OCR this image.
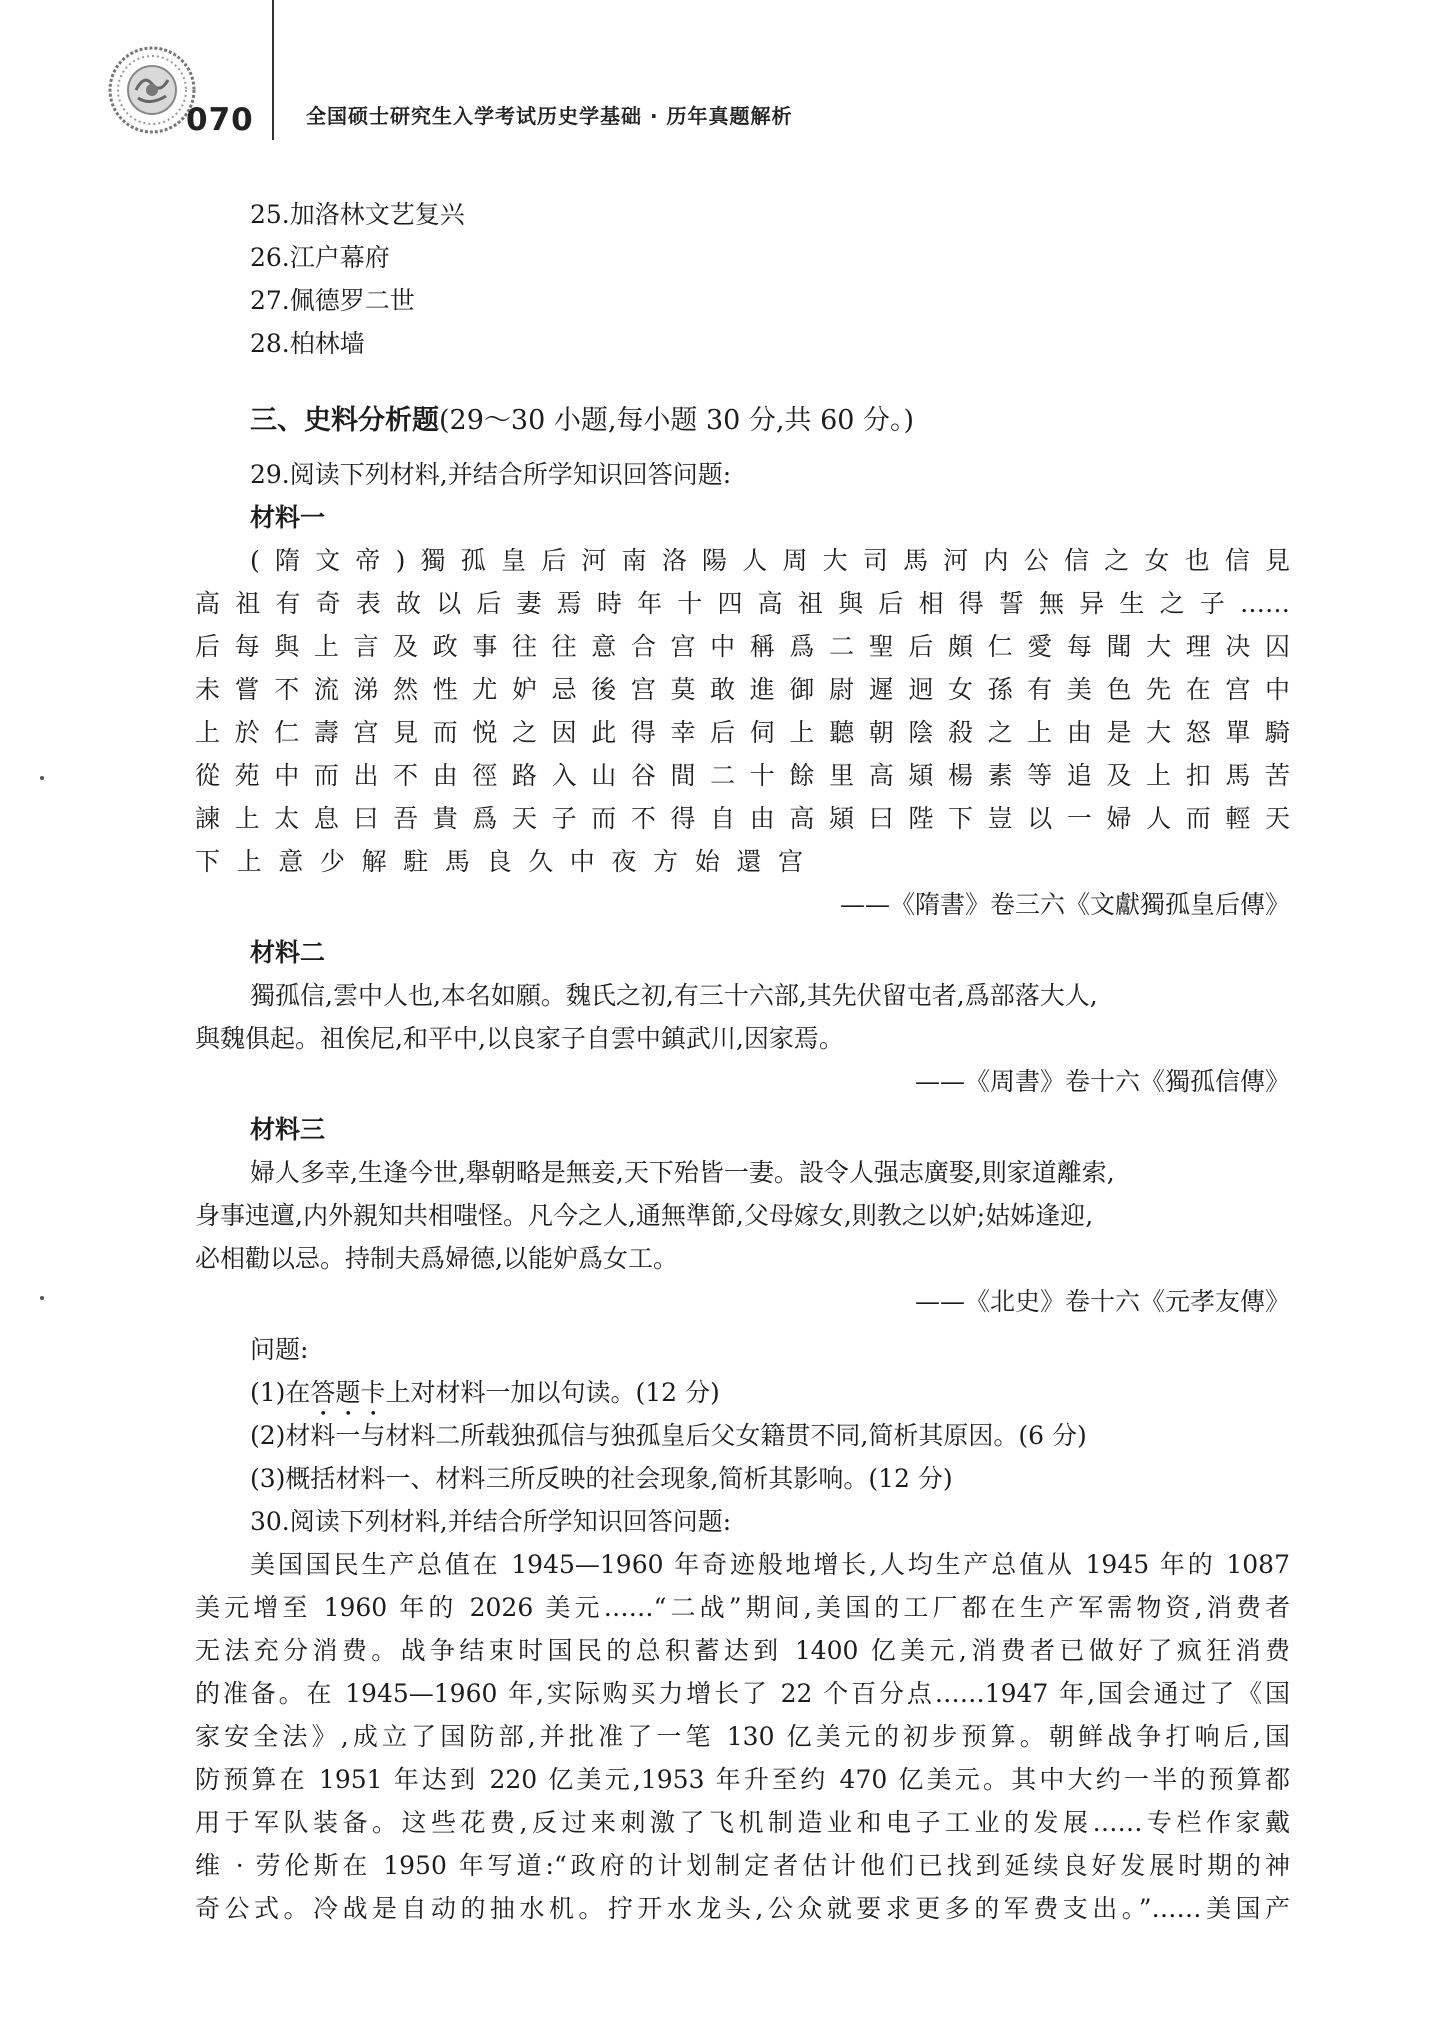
070	全国硕士研究生入学考试历史学基础 · 历年真题解析
25.加洛林文艺复兴
26.江户幕府
27.佩德罗二世
28.柏林墙
三、史料分析题(29～30 小题,每小题 30 分,共 60 分。)
29.阅读下列材料,并结合所学知识回答问题:
材料一
(隋文帝)獨孤皇后河南洛陽人周大司馬河内公信之女也信見
高祖有奇表故以后妻焉時年十四高祖與后相得誓無异生之子……
后每與上言及政事往往意合宫中稱爲二聖后頗仁愛每聞大理决囚
未嘗不流涕然性尤妒忌後宫莫敢進御尉遲迥女孫有美色先在宫中
上於仁壽宫見而悦之因此得幸后伺上聽朝陰殺之上由是大怒單騎
從苑中而出不由徑路入山谷間二十餘里高熲楊素等追及上扣馬苦
諫上太息曰吾貴爲天子而不得自由高熲曰陛下豈以一婦人而輕天
下上意少解駐馬良久中夜方始還宫
——《隋書》卷三六《文獻獨孤皇后傳》
材料二
獨孤信,雲中人也,本名如願。魏氏之初,有三十六部,其先伏留屯者,爲部落大人,
與魏俱起。祖俟尼,和平中,以良家子自雲中鎮武川,因家焉。
——《周書》卷十六《獨孤信傳》
材料三
婦人多幸,生逢今世,舉朝略是無妾,天下殆皆一妻。設令人强志廣娶,則家道離索,
身事迍邅,内外親知共相嗤怪。凡今之人,通無準節,父母嫁女,則教之以妒;姑姊逢迎,
必相勸以忌。持制夫爲婦德,以能妒爲女工。
——《北史》卷十六《元孝友傳》
问题:
(1)在答题卡上对材料一加以句读。(12 分)
(2)材料一与材料二所载独孤信与独孤皇后父女籍贯不同,简析其原因。(6 分)
(3)概括材料一、材料三所反映的社会现象,简析其影响。(12 分)
30.阅读下列材料,并结合所学知识回答问题:
美国国民生产总值在 1945—1960 年奇迹般地增长,人均生产总值从 1945 年的 1087
美元增至 1960 年的 2026 美元……“二战”期间,美国的工厂都在生产军需物资,消费者
无法充分消费。战争结束时国民的总积蓄达到 1400 亿美元,消费者已做好了疯狂消费
的准备。在 1945—1960 年,实际购买力增长了 22 个百分点……1947 年,国会通过了《国
家安全法》,成立了国防部,并批准了一笔 130 亿美元的初步预算。朝鲜战争打响后,国
防预算在 1951 年达到 220 亿美元,1953 年升至约 470 亿美元。其中大约一半的预算都
用于军队装备。这些花费,反过来刺激了飞机制造业和电子工业的发展……专栏作家戴
维 · 劳伦斯在 1950 年写道:“政府的计划制定者估计他们已找到延续良好发展时期的神
奇公式。冷战是自动的抽水机。拧开水龙头,公众就要求更多的军费支出。”……美国产
